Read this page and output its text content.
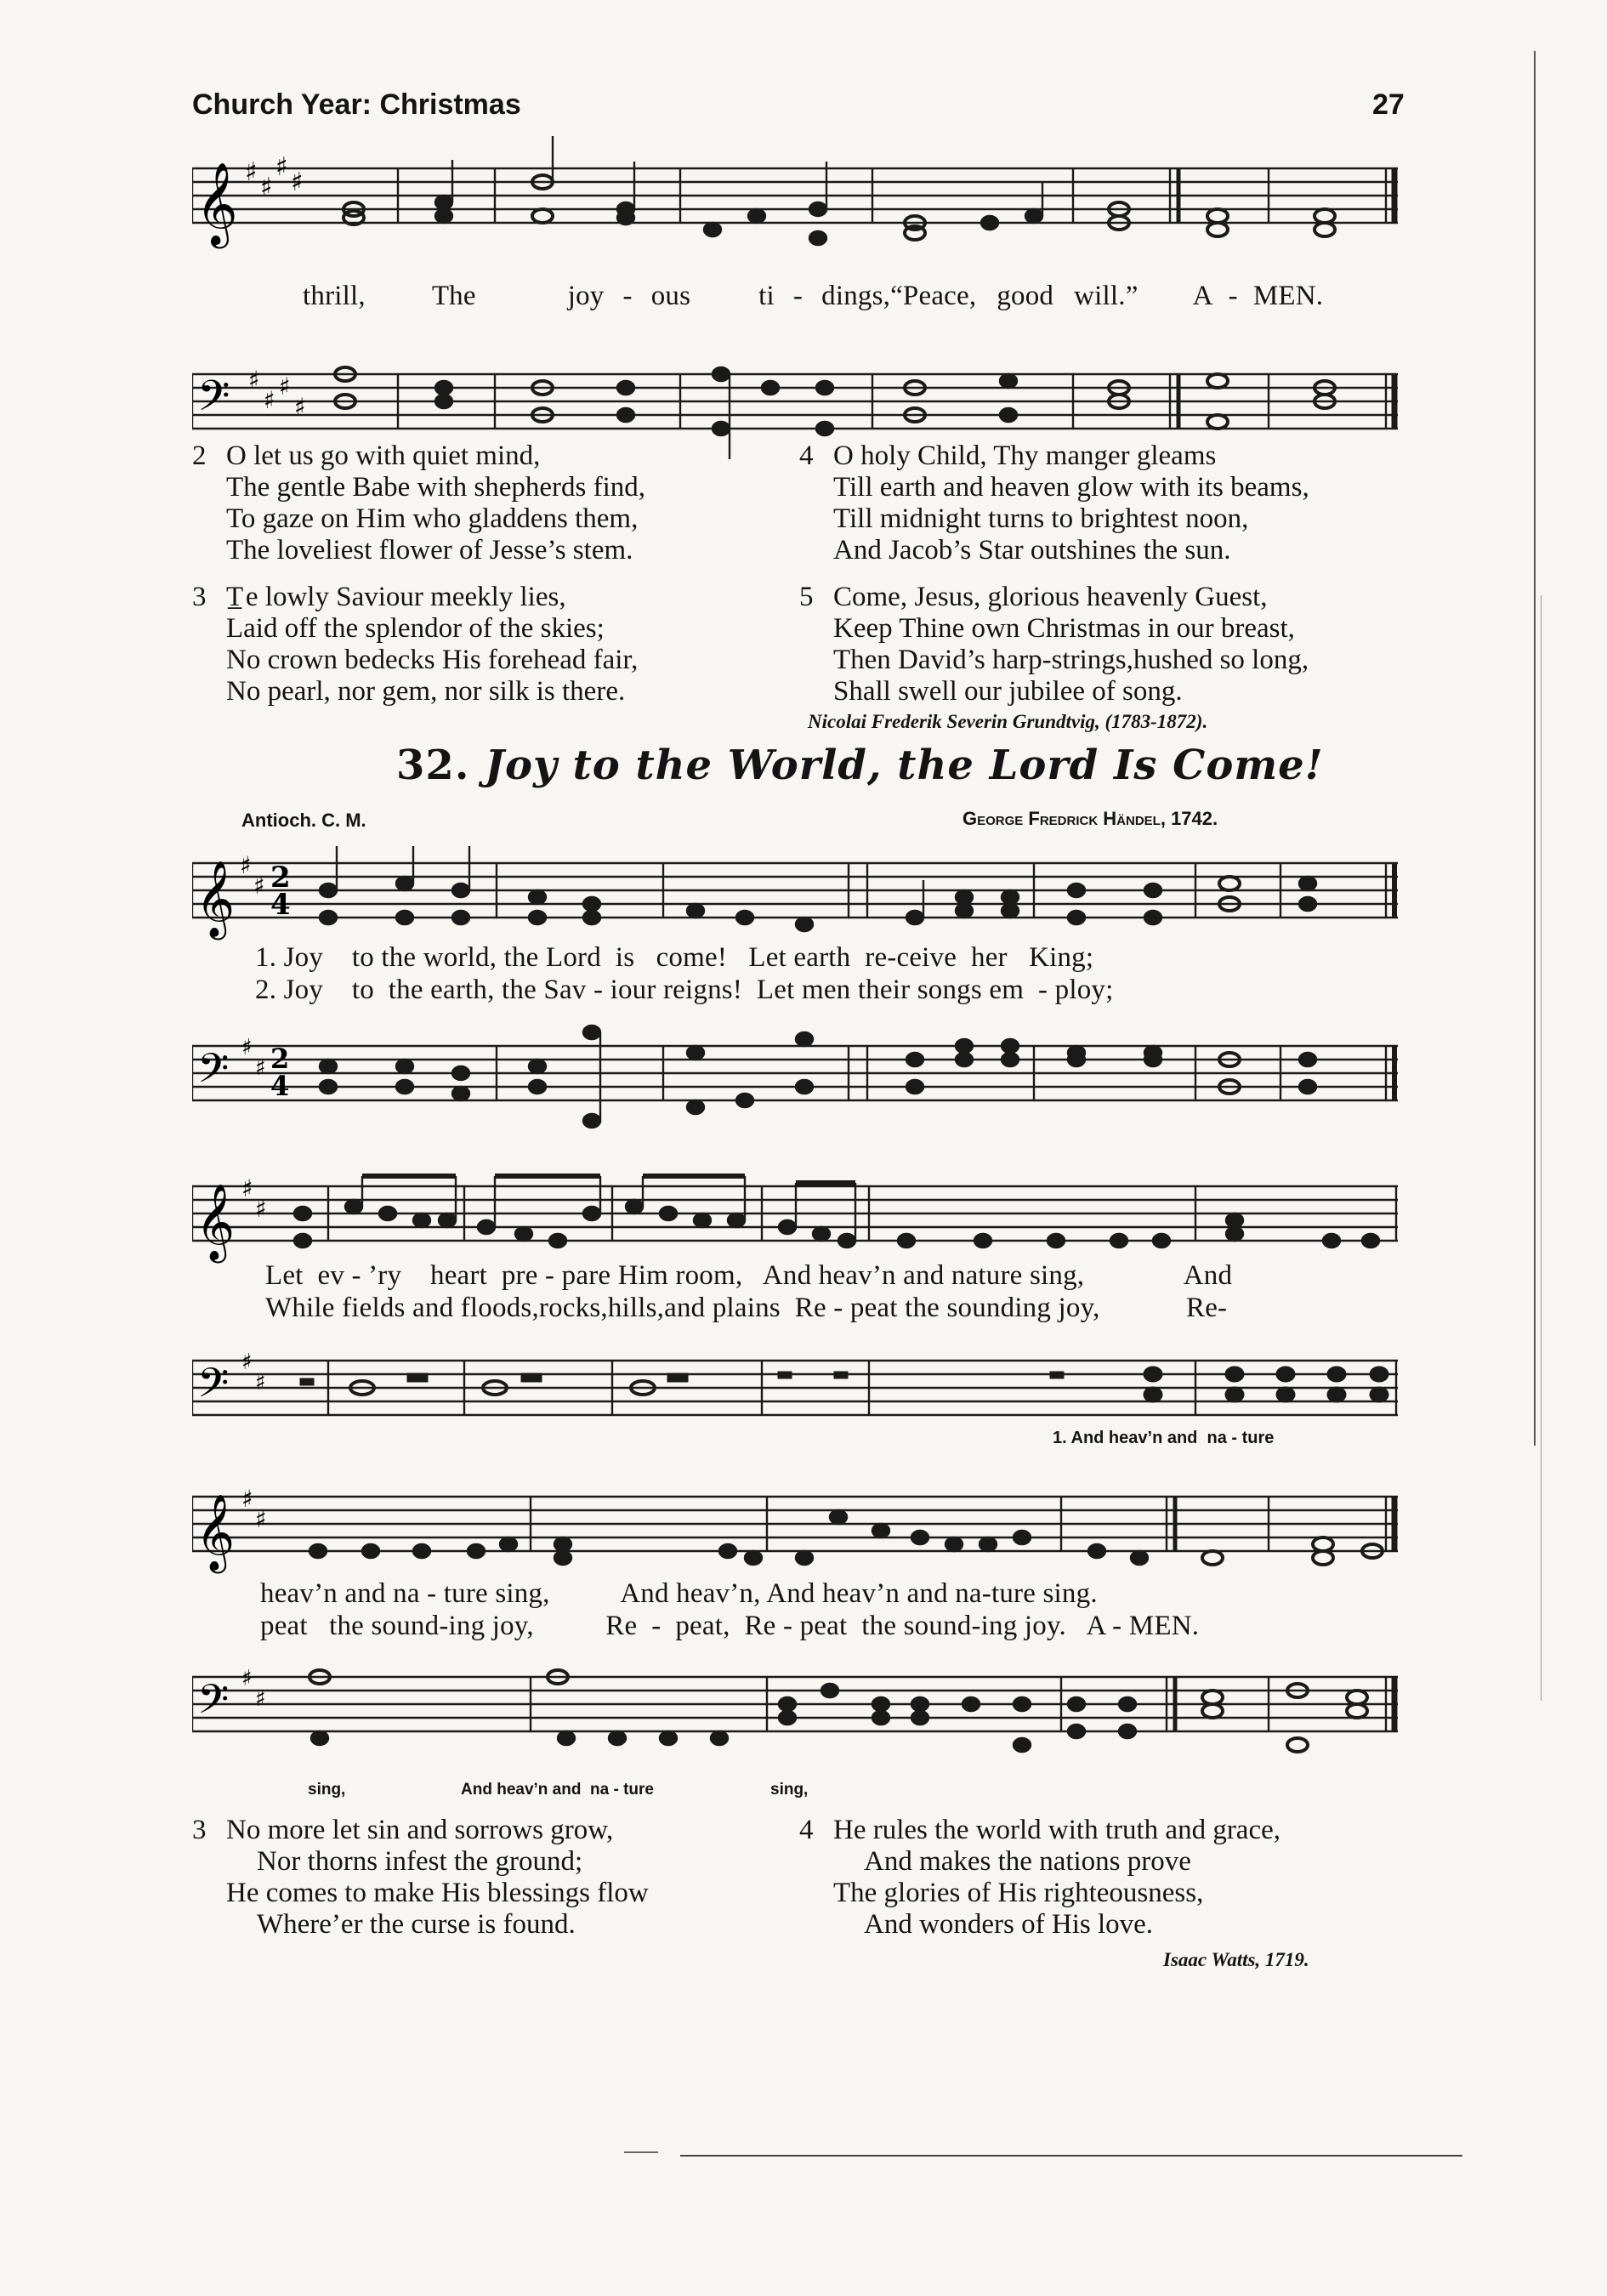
Church Year: Christmas	27
𝄞 ♯
♯
♯
♯
thrill, The	joy - ous ti - dings,“Peace, good will.” A - MEN.
𝄢 ♯
♯ ♯
♯
2 O let us go with quiet mind,
The gentle Babe with shepherds find,
To gaze on Him who gladdens them,
The loveliest flower of Jesse’s stem.
3 T̲ e lowly Saviour meekly lies,
Laid off the splendor of the skies;
No crown bedecks His forehead fair,
No pearl, nor gem, nor silk is there.
4 O holy Child, Thy manger gleams
Till earth and heaven glow with its beams,
Till midnight turns to brightest noon,
And Jacob’s Star outshines the sun.
5 Come, Jesus, glorious heavenly Guest,
Keep Thine own Christmas in our breast,
Then David’s harp-strings,hushed so long,
Shall swell our jubilee of song.
Nicolai Frederik Severin Grundtvig, (1783-1872).
32. Joy to the World, the Lord Is Come!
Antioch. C. M.	George Fredrick Händel, 1742.
𝄞 ♯
♯ 2
4
1. Joy    to the world, the Lord  is   come!   Let earth  re-ceive  her   King;
2. Joy    to  the earth, the Sav - iour reigns!  Let men their songs em  - ploy;
𝄢 ♯
♯ 2
4
𝄞 ♯
♯
Let  ev - ’ry    heart  pre - pare Him room,   And heav’n and nature sing,              And
While fields and floods,rocks,hills,and plains  Re - peat the sounding joy,            Re-
𝄢 ♯
♯
1. And heav’n and  na - ture
𝄞 ♯
♯
heav’n and na - ture sing,          And heav’n, And heav’n and na-ture sing.
peat   the sound-ing joy,          Re  -  peat,  Re - peat  the sound-ing joy.   A - MEN.
𝄢 ♯
♯
sing,	And heav’n and  na - ture	sing,
3 No more let sin and sorrows grow,
Nor thorns infest the ground;
He comes to make His blessings flow
Where’er the curse is found.
4 He rules the world with truth and grace,
And makes the nations prove
The glories of His righteousness,
And wonders of His love.
Isaac Watts, 1719.
